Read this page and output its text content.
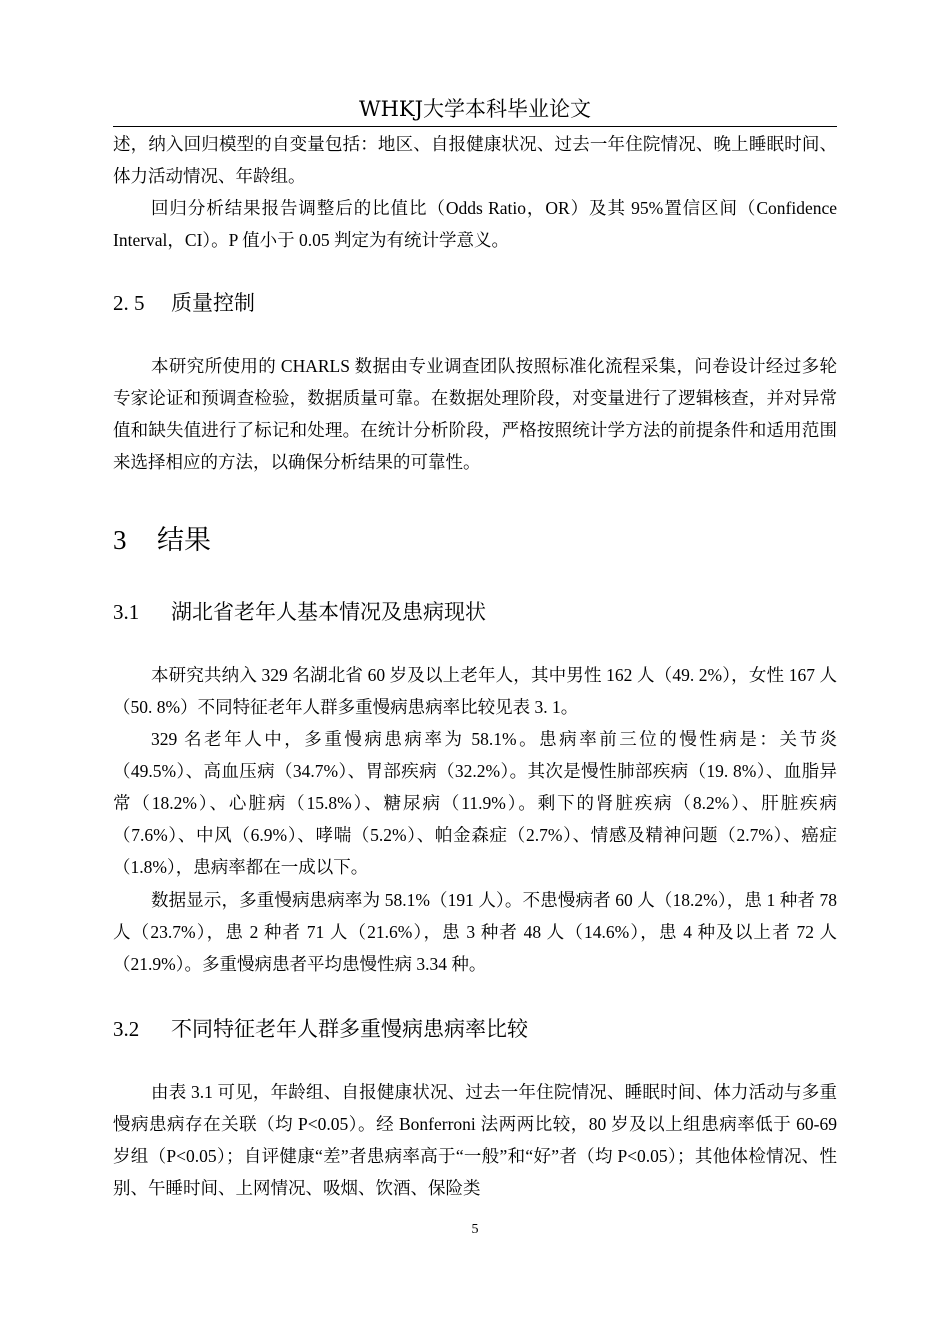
WHKJ大学本科毕业论文

述，纳入回归模型的自变量包括：地区、自报健康状况、过去一年住院情况、晚上睡眠时间、体力活动情况、年龄组。

回归分析结果报告调整后的比值比（Odds Ratio，OR）及其 95%置信区间（Confidence Interval，CI）。P 值小于 0.05 判定为有统计学意义。

2. 5 质量控制

本研究所使用的 CHARLS 数据由专业调查团队按照标准化流程采集，问卷设计经过多轮专家论证和预调查检验，数据质量可靠。在数据处理阶段，对变量进行了逻辑核查，并对异常值和缺失值进行了标记和处理。在统计分析阶段，严格按照统计学方法的前提条件和适用范围来选择相应的方法，以确保分析结果的可靠性。

3 结果
3.1 湖北省老年人基本情况及患病现状

本研究共纳入 329 名湖北省 60 岁及以上老年人，其中男性 162 人（49. 2%），女性 167 人（50. 8%）不同特征老年人群多重慢病患病率比较见表 3. 1。

329 名老年人中，多重慢病患病率为 58.1%。患病率前三位的慢性病是：关节炎（49.5%）、高血压病（34.7%）、胃部疾病（32.2%）。其次是慢性肺部疾病（19. 8%）、血脂异常（18.2%）、心脏病（15.8%）、糖尿病（11.9%）。剩下的肾脏疾病（8.2%）、肝脏疾病（7.6%）、中风（6.9%）、哮喘（5.2%）、帕金森症（2.7%）、情感及精神问题（2.7%）、癌症（1.8%），患病率都在一成以下。

数据显示，多重慢病患病率为 58.1%（191 人）。不患慢病者 60 人（18.2%），患 1 种者 78 人（23.7%），患 2 种者 71 人（21.6%），患 3 种者 48 人（14.6%），患 4 种及以上者 72 人（21.9%）。多重慢病患者平均患慢性病 3.34 种。

3.2 不同特征老年人群多重慢病患病率比较

由表 3.1 可见，年龄组、自报健康状况、过去一年住院情况、睡眠时间、体力活动与多重慢病患病存在关联（均 P<0.05）。经 Bonferroni 法两两比较，80 岁及以上组患病率低于 60-69 岁组（P<0.05）；自评健康“差”者患病率高于“一般”和“好”者（均 P<0.05）；其他体检情况、性别、午睡时间、上网情况、吸烟、饮酒、保险类

5
